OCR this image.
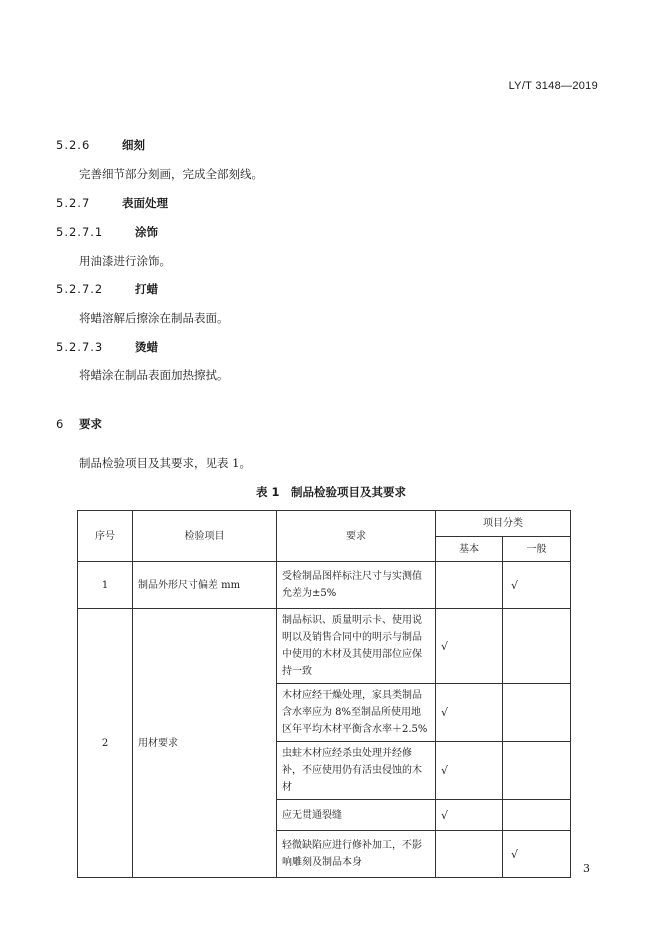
LY/T 3148—2019
5.2.6	细刻
完善细节部分刻画，完成全部刻线。
5.2.7	表面处理
5.2.7.1	涂饰
用油漆进行涂饰。
5.2.7.2	打蜡
将蜡溶解后擦涂在制品表面。
5.2.7.3	烫蜡
将蜡涂在制品表面加热擦拭。
6 要求
制品检验项目及其要求，见表 1。
表 1　制品检验项目及其要求
序号	检验项目	要求	项目分类	
			基本	一般
1	制品外形尺寸偏差 mm	受检制品图样标注尺寸与实测值允差为±5%		√
2	用材要求	制品标识、质量明示卡、使用说明以及销售合同中的明示与制品中使用的木材及其使用部位应保持一致	√	
		木材应经干燥处理，家具类制品含水率应为 8%至制品所使用地区年平均木材平衡含水率＋2.5%	√	
		虫蛀木材应经杀虫处理并经修补，不应使用仍有活虫侵蚀的木材	√	
		应无贯通裂缝	√	
		轻微缺陷应进行修补加工，不影响雕刻及制品本身		√
3
